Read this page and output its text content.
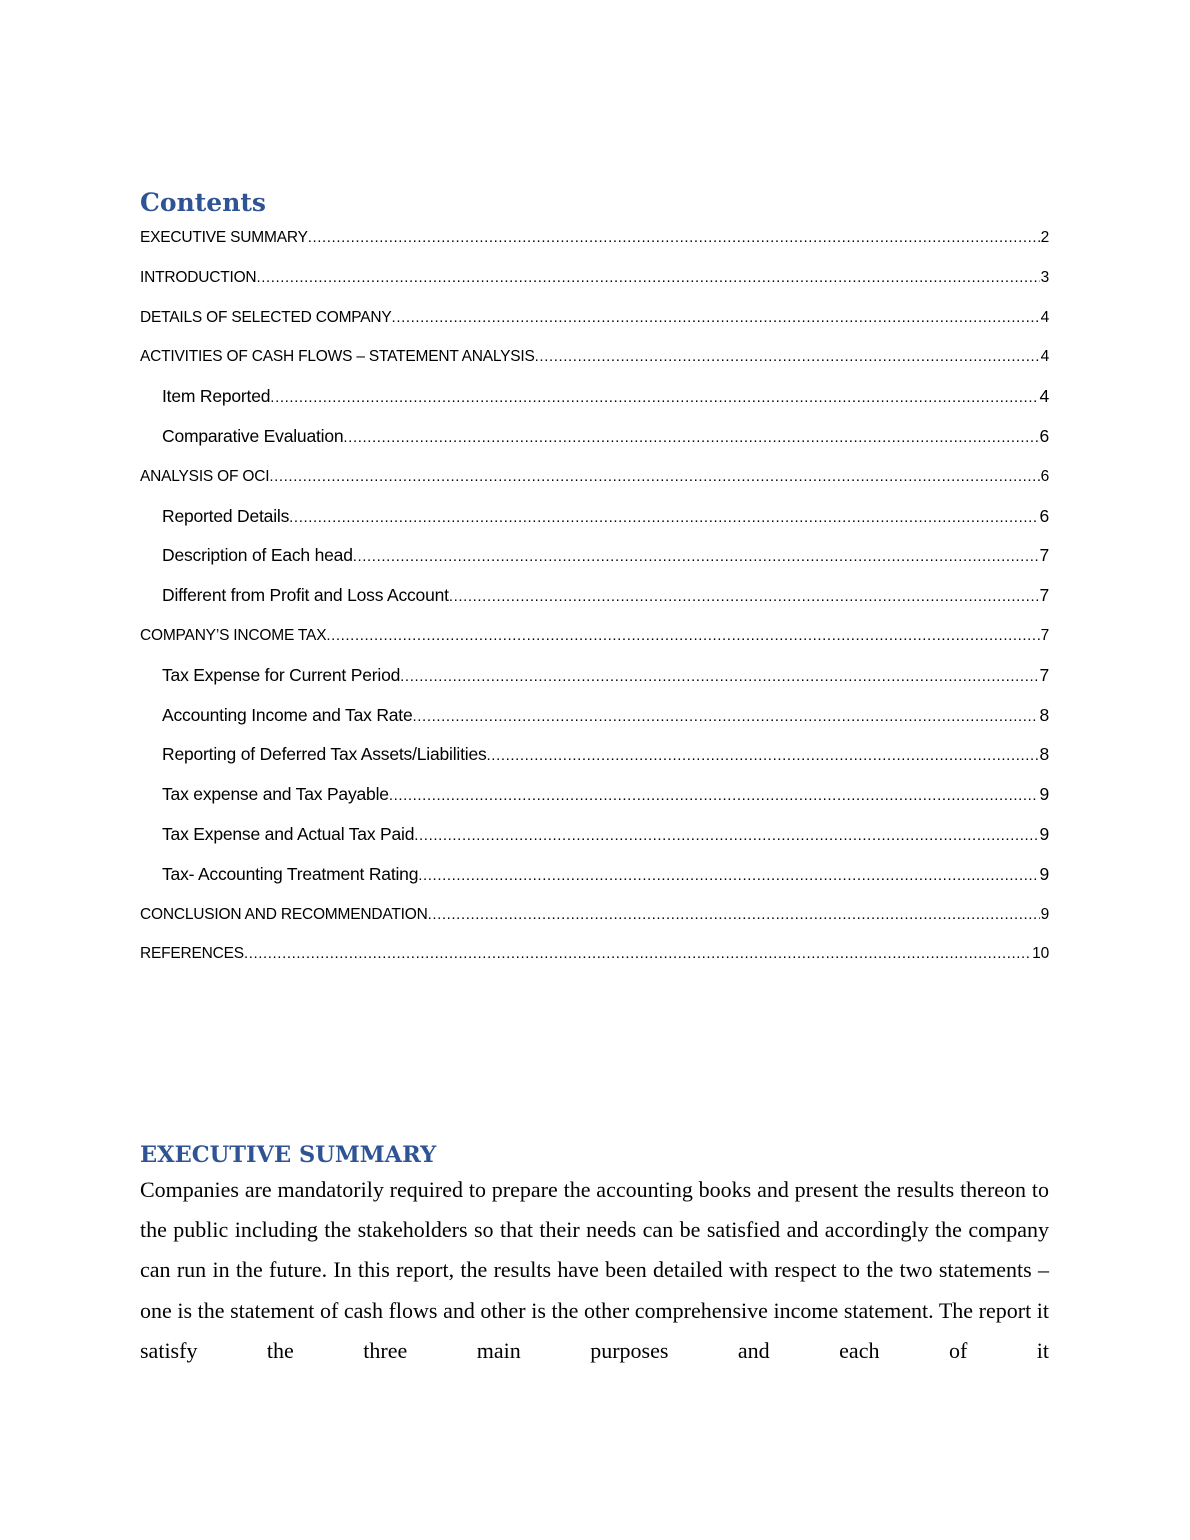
Contents
EXECUTIVE SUMMARY .....	2
INTRODUCTION .....	3
DETAILS OF SELECTED COMPANY .....	4
ACTIVITIES OF CASH FLOWS – STATEMENT ANALYSIS .....	4
Item Reported .....	4
Comparative Evaluation .....	6
ANALYSIS OF OCI .....	6
Reported Details .....	6
Description of Each head .....	7
Different from Profit and Loss Account .....	7
COMPANY’S INCOME TAX .....	7
Tax Expense for Current Period .....	7
Accounting Income and Tax Rate .....	8
Reporting of Deferred Tax Assets/Liabilities .....	8
Tax expense and Tax Payable .....	9
Tax Expense and Actual Tax Paid .....	9
Tax- Accounting Treatment Rating .....	9
CONCLUSION AND RECOMMENDATION .....	9
REFERENCES .....	10
EXECUTIVE SUMMARY

Companies are mandatorily required to prepare the accounting books and present the results thereon to the public including the stakeholders so that their needs can be satisfied and accordingly the company can run in the future. In this report, the results have been detailed with respect to the two statements – one is the statement of cash flows and other is the other comprehensive income statement. The report it satisfy the three main purposes and each of it
